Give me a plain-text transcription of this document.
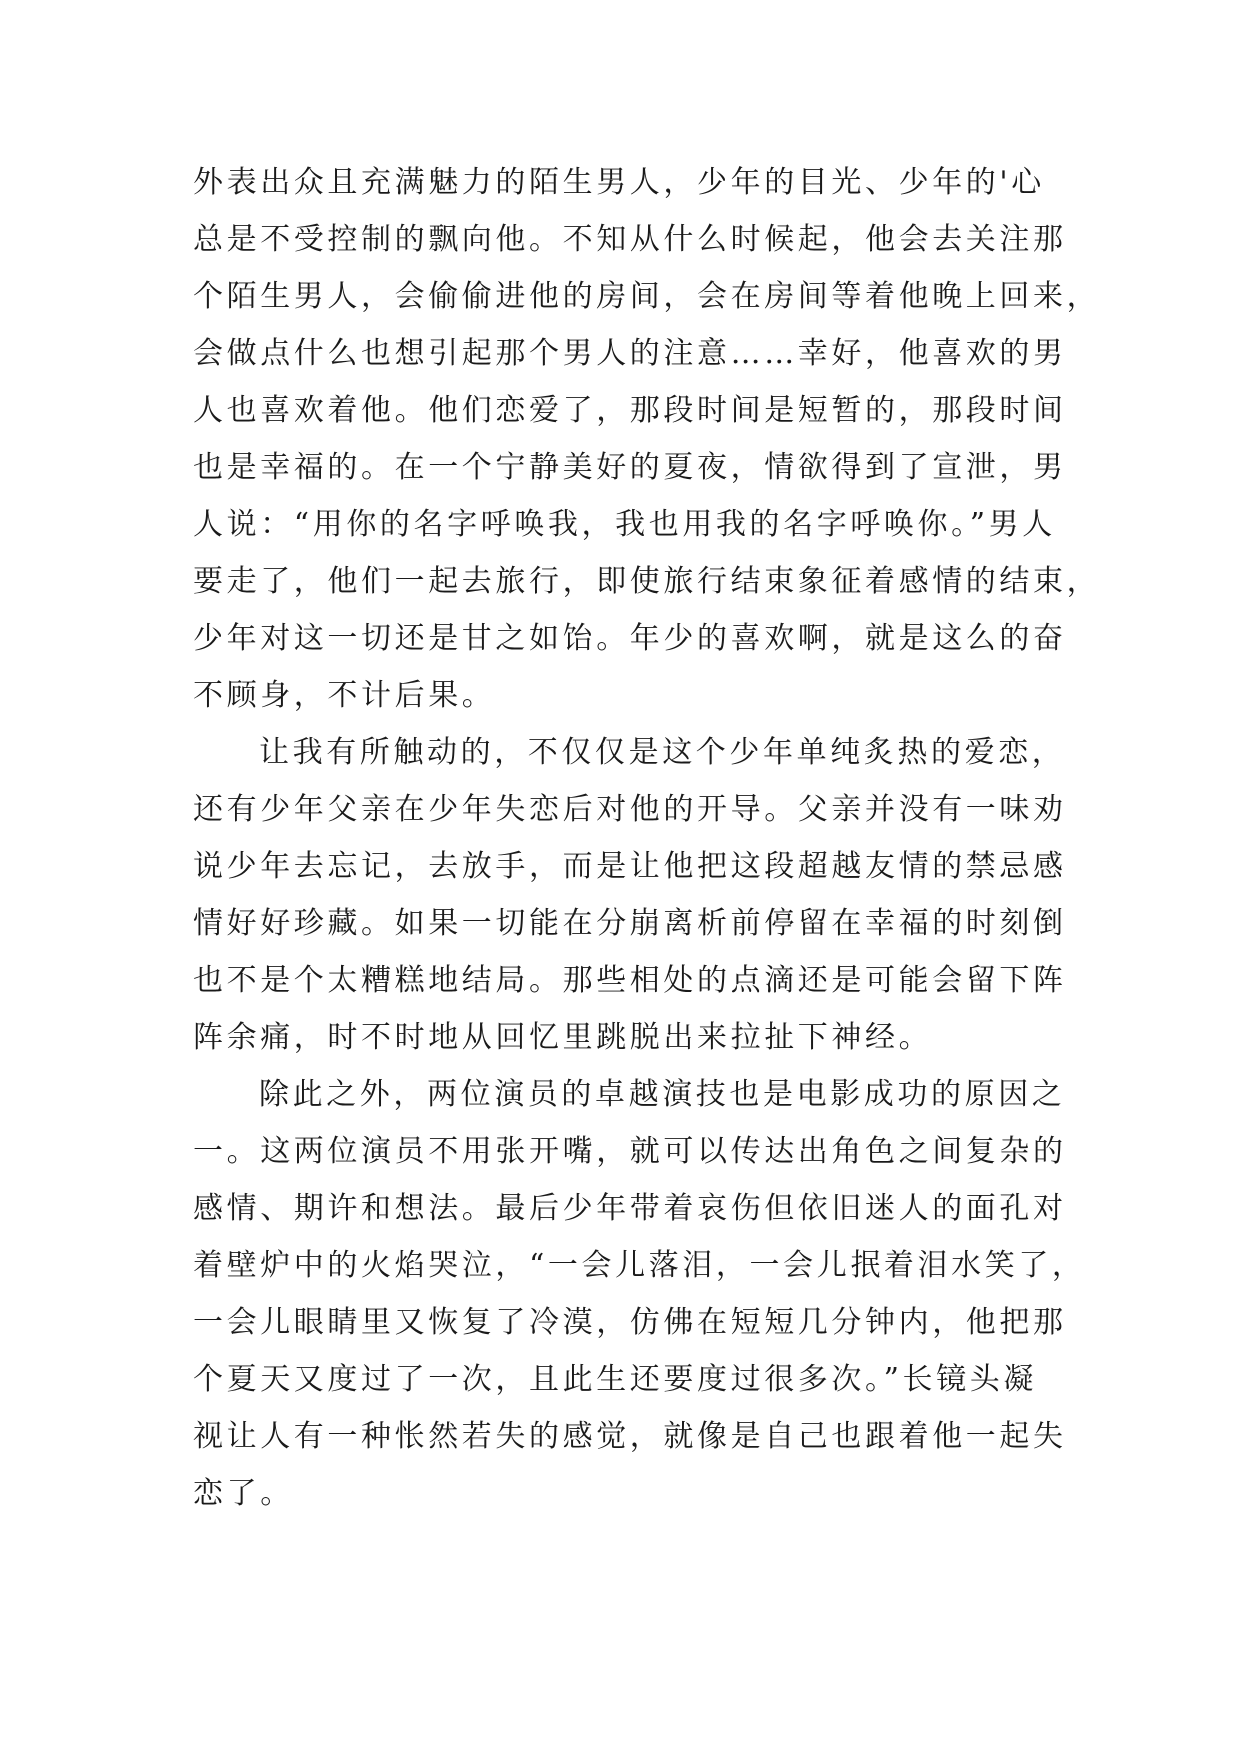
外表出众且充满魅力的陌生男人，少年的目光、少年的'心
总是不受控制的飘向他。不知从什么时候起，他会去关注那
个陌生男人，会偷偷进他的房间，会在房间等着他晚上回来，
会做点什么也想引起那个男人的注意……幸好，他喜欢的男
人也喜欢着他。他们恋爱了，那段时间是短暂的，那段时间
也是幸福的。在一个宁静美好的夏夜，情欲得到了宣泄，男
人说：“用你的名字呼唤我，我也用我的名字呼唤你。”男人
要走了，他们一起去旅行，即使旅行结束象征着感情的结束，
少年对这一切还是甘之如饴。年少的喜欢啊，就是这么的奋
不顾身，不计后果。
让我有所触动的，不仅仅是这个少年单纯炙热的爱恋，
还有少年父亲在少年失恋后对他的开导。父亲并没有一味劝
说少年去忘记，去放手，而是让他把这段超越友情的禁忌感
情好好珍藏。如果一切能在分崩离析前停留在幸福的时刻倒
也不是个太糟糕地结局。那些相处的点滴还是可能会留下阵
阵余痛，时不时地从回忆里跳脱出来拉扯下神经。
除此之外，两位演员的卓越演技也是电影成功的原因之
一。这两位演员不用张开嘴，就可以传达出角色之间复杂的
感情、期许和想法。最后少年带着哀伤但依旧迷人的面孔对
着壁炉中的火焰哭泣，“一会儿落泪，一会儿抿着泪水笑了，
一会儿眼睛里又恢复了冷漠，仿佛在短短几分钟内，他把那
个夏天又度过了一次，且此生还要度过很多次。”长镜头凝
视让人有一种怅然若失的感觉，就像是自己也跟着他一起失
恋了。
